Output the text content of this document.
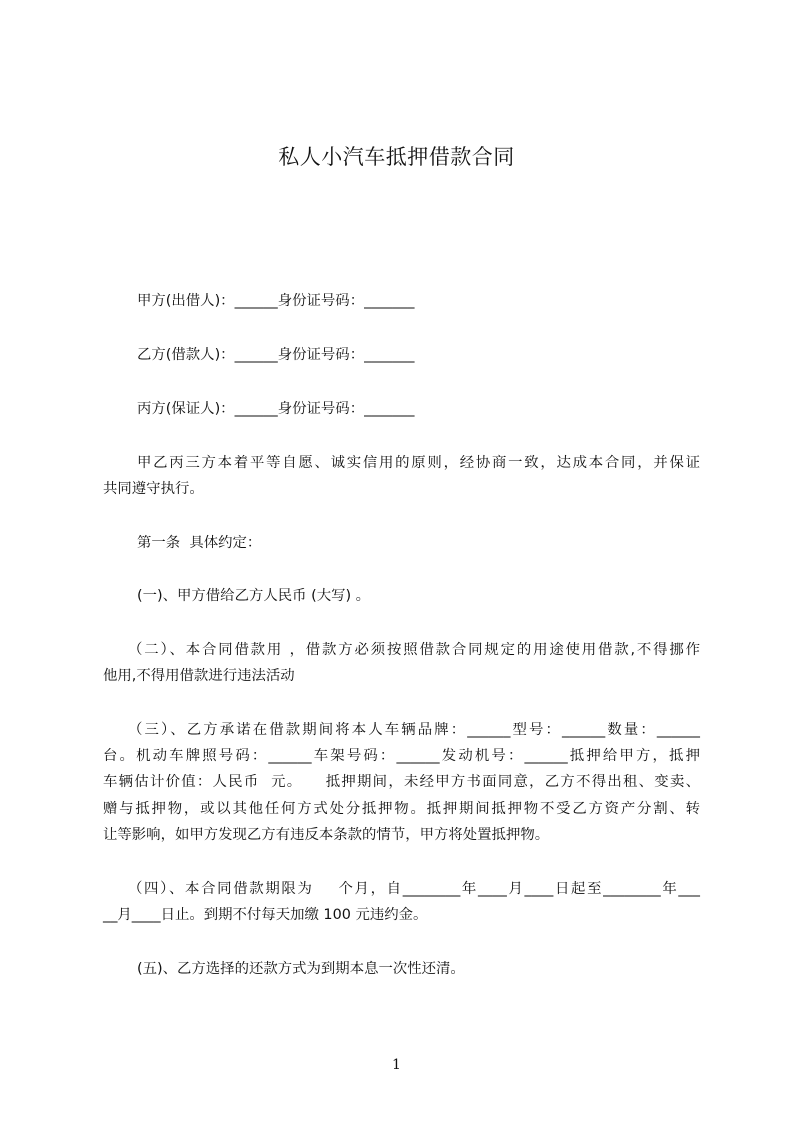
私人小汽车抵押借款合同
甲方(出借人)：______身份证号码：_______
乙方(借款人)：______身份证号码：_______
丙方(保证人)：______身份证号码：_______
甲乙丙三方本着平等自愿、诚实信用的原则，经协商一致，达成本合同，并保证
共同遵守执行。
第一条  具体约定：
(一)、甲方借给乙方人民币 (大写) 。
（二）、本合同借款用 ，借款方必须按照借款合同规定的用途使用借款,不得挪作
他用,不得用借款进行违法活动
（三）、乙方承诺在借款期间将本人车辆品牌：______型号：______数量：______
台。机动车牌照号码：______车架号码：______发动机号：______抵押给甲方，抵押
车辆估计价值：人民币  元。    抵押期间，未经甲方书面同意，乙方不得出租、变卖、
赠与抵押物，或以其他任何方式处分抵押物。抵押期间抵押物不受乙方资产分割、转
让等影响，如甲方发现乙方有违反本条款的情节，甲方将处置抵押物。
（四）、本合同借款期限为    个月，自________年____月____日起至________年___
__月____日止。到期不付每天加缴 100 元违约金。
(五)、乙方选择的还款方式为到期本息一次性还清。
1
